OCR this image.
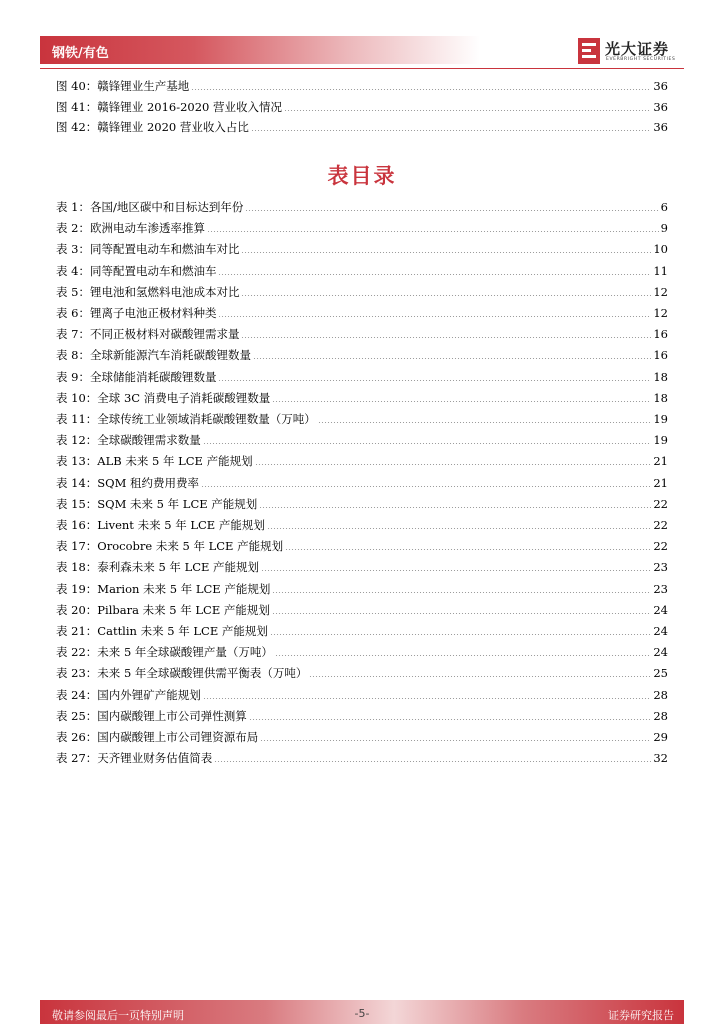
钢铁/有色	光大证券
EVERBRIGHT SECURITIES
图 40：赣锋锂业生产基地	36
图 41：赣锋锂业 2016-2020 营业收入情况	36
图 42：赣锋锂业 2020 营业收入占比	36
表目录
表 1：各国/地区碳中和目标达到年份	6
表 2：欧洲电动车渗透率推算	9
表 3：同等配置电动车和燃油车对比	10
表 4：同等配置电动车和燃油车	11
表 5：锂电池和氢燃料电池成本对比	12
表 6：锂离子电池正极材料种类	12
表 7：不同正极材料对碳酸锂需求量	16
表 8：全球新能源汽车消耗碳酸锂数量	16
表 9：全球储能消耗碳酸锂数量	18
表 10：全球 3C 消费电子消耗碳酸锂数量	18
表 11：全球传统工业领域消耗碳酸锂数量（万吨）	19
表 12：全球碳酸锂需求数量	19
表 13：ALB 未来 5 年 LCE 产能规划	21
表 14：SQM 租约费用费率	21
表 15：SQM 未来 5 年 LCE 产能规划	22
表 16：Livent 未来 5 年 LCE 产能规划	22
表 17：Orocobre 未来 5 年 LCE 产能规划	22
表 18：泰利森未来 5 年 LCE 产能规划	23
表 19：Marion 未来 5 年 LCE 产能规划	23
表 20：Pilbara 未来 5 年 LCE 产能规划	24
表 21：Cattlin 未来 5 年 LCE 产能规划	24
表 22：未来 5 年全球碳酸锂产量（万吨）	24
表 23：未来 5 年全球碳酸锂供需平衡表（万吨）	25
表 24：国内外锂矿产能规划	28
表 25：国内碳酸锂上市公司弹性测算	28
表 26：国内碳酸锂上市公司锂资源布局	29
表 27：天齐锂业财务估值简表	32
敬请参阅最后一页特别声明	-5-	证券研究报告
